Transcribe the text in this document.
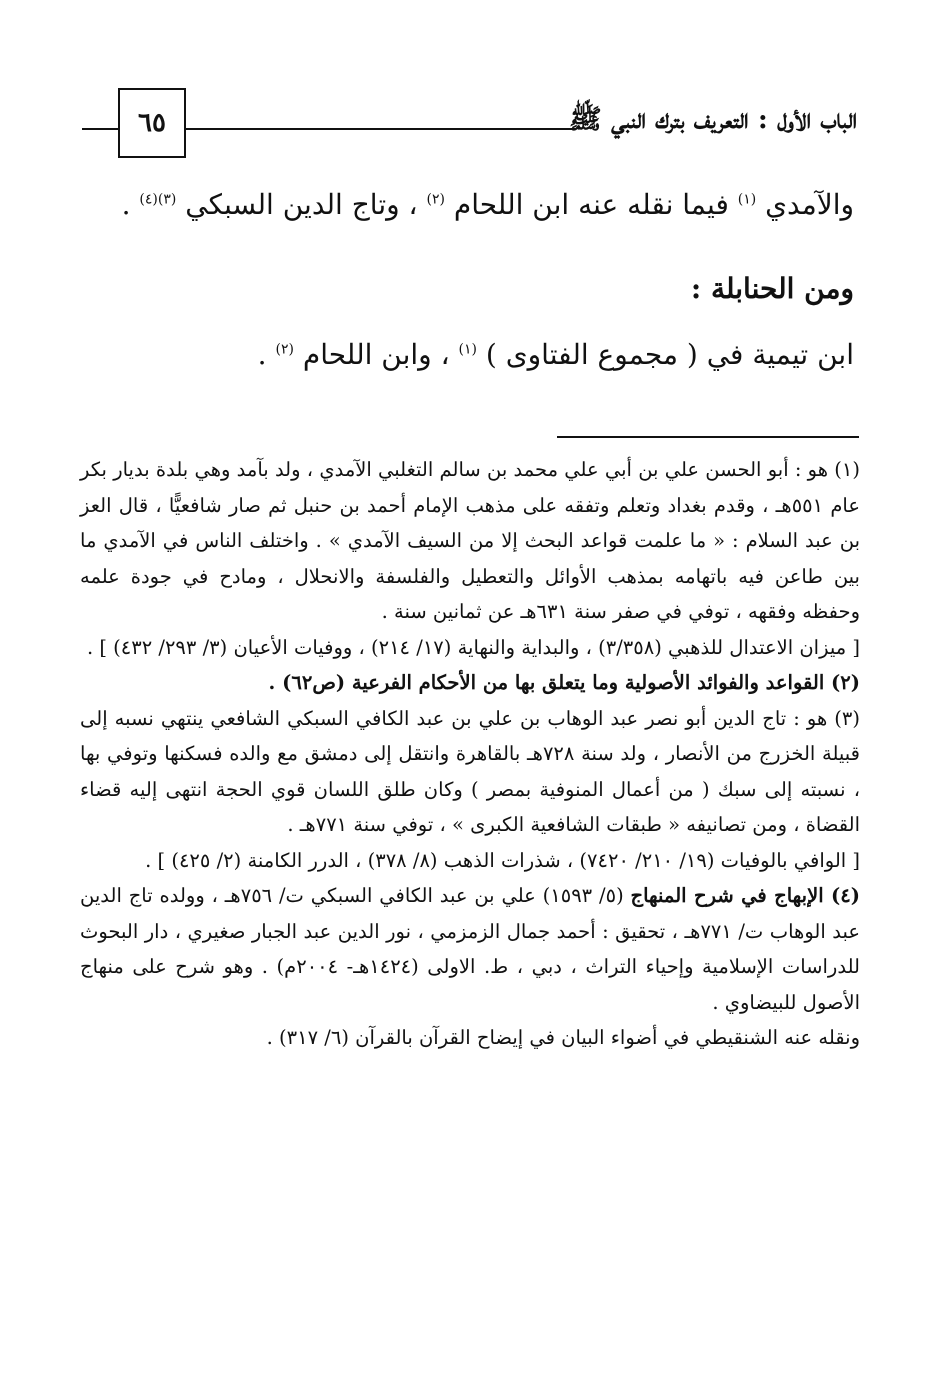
٦٥	الباب الأول : التعريف بترك النبي ﷺ
والآمدي $^{(١)}$ فيما نقله عنه ابن اللحام $^{(٢)}$ ، وتاج الدين السبكي $^{(٣)(٤)}$ .
ومن الحنابلة :
ابن تيمية في ( مجموع الفتاوى ) $^{(١)}$ ، وابن اللحام $^{(٢)}$ .

(١) هو : أبو الحسن علي بن أبي علي محمد بن سالم التغلبي الآمدي ، ولد بآمد وهي بلدة بديار بكر عام ٥٥١هـ ، وقدم بغداد وتعلم وتفقه على مذهب الإمام أحمد بن حنبل ثم صار شافعيًّا ، قال العز بن عبد السلام : « ما علمت قواعد البحث إلا من السيف الآمدي » . واختلف الناس في الآمدي ما بين طاعن فيه باتهامه بمذهب الأوائل والتعطيل والفلسفة والانحلال ، ومادح في جودة علمه وحفظه وفقهه ، توفي في صفر سنة ٦٣١هـ عن ثمانين سنة .

[ ميزان الاعتدال للذهبي (٣/٣٥٨) ، والبداية والنهاية (١٧/ ٢١٤) ، ووفيات الأعيان (٣/ ٢٩٣/ ٤٣٢) ] .

(٢) القواعد والفوائد الأصولية وما يتعلق بها من الأحكام الفرعية (ص٦٢) .

(٣) هو : تاج الدين أبو نصر عبد الوهاب بن علي بن عبد الكافي السبكي الشافعي ينتهي نسبه إلى قبيلة الخزرج من الأنصار ، ولد سنة ٧٢٨هـ بالقاهرة وانتقل إلى دمشق مع والده فسكنها وتوفي بها ، نسبته إلى سبك ( من أعمال المنوفية بمصر ) وكان طلق اللسان قوي الحجة انتهى إليه قضاء القضاة ، ومن تصانيفه « طبقات الشافعية الكبرى » ، توفي سنة ٧٧١هـ .

[ الوافي بالوفيات (١٩/ ٢١٠/ ٧٤٢٠) ، شذرات الذهب (٨/ ٣٧٨) ، الدرر الكامنة (٢/ ٤٢٥) ] .

(٤) الإبهاج في شرح المنهاج (٥/ ١٥٩٣) علي بن عبد الكافي السبكي ت/ ٧٥٦هـ ، وولده تاج الدين عبد الوهاب ت/ ٧٧١هـ ، تحقيق : أحمد جمال الزمزمي ، نور الدين عبد الجبار صغيري ، دار البحوث للدراسات الإسلامية وإحياء التراث ، دبي ، ط. الاولى (١٤٢٤هـ- ٢٠٠٤م) . وهو شرح على منهاج الأصول للبيضاوي .

ونقله عنه الشنقيطي في أضواء البيان في إيضاح القرآن بالقرآن (٦/ ٣١٧) .
